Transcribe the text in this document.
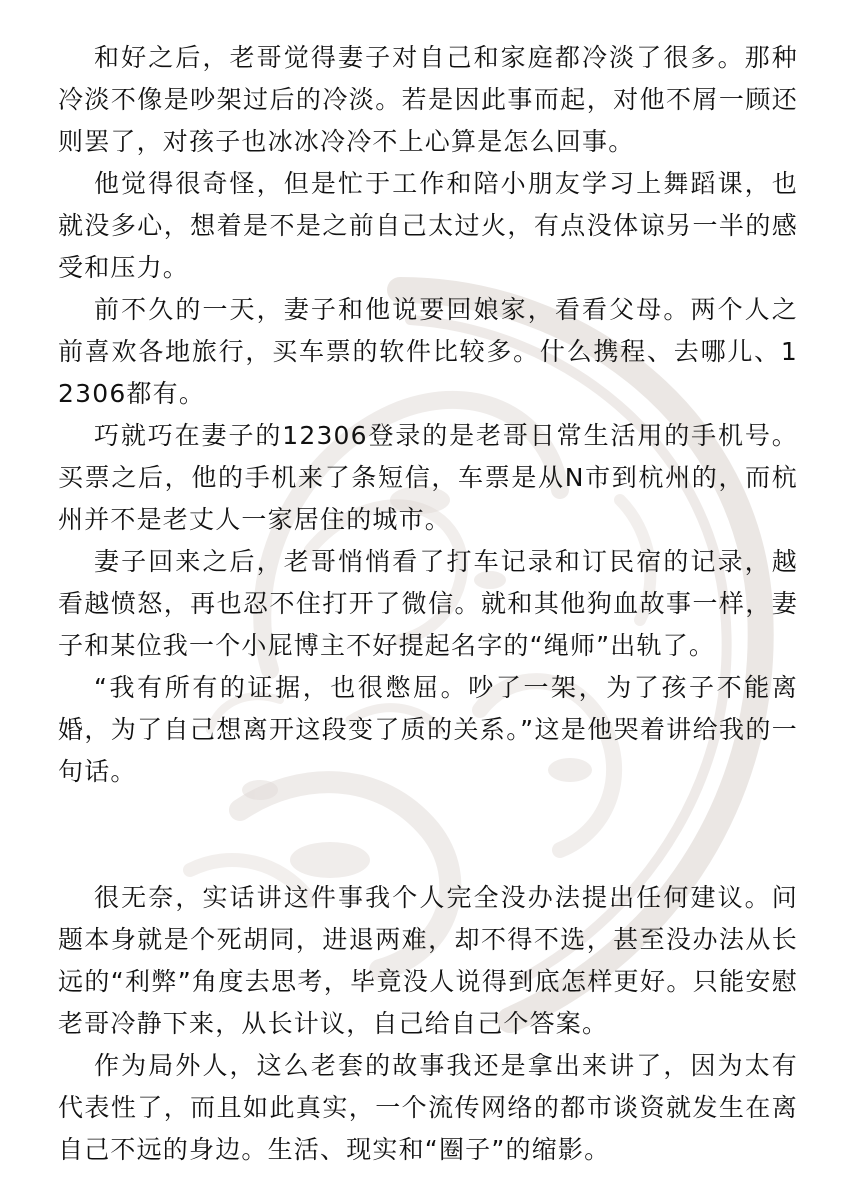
和好之后，老哥觉得妻子对自己和家庭都冷淡了很多。那种冷淡不像是吵架过后的冷淡。若是因此事而起，对他不屑一顾还则罢了，对孩子也冰冰冷冷不上心算是怎么回事。

他觉得很奇怪，但是忙于工作和陪小朋友学习上舞蹈课，也就没多心，想着是不是之前自己太过火，有点没体谅另一半的感受和压力。

前不久的一天，妻子和他说要回娘家，看看父母。两个人之前喜欢各地旅行，买车票的软件比较多。什么携程、去哪儿、12306都有。

巧就巧在妻子的12306登录的是老哥日常生活用的手机号。买票之后，他的手机来了条短信，车票是从N市到杭州的，而杭州并不是老丈人一家居住的城市。

妻子回来之后，老哥悄悄看了打车记录和订民宿的记录，越看越愤怒，再也忍不住打开了微信。就和其他狗血故事一样，妻子和某位我一个小屁博主不好提起名字的“绳师”出轨了。

“我有所有的证据，也很憋屈。吵了一架，为了孩子不能离婚，为了自己想离开这段变了质的关系。”这是他哭着讲给我的一句话。

很无奈，实话讲这件事我个人完全没办法提出任何建议。问题本身就是个死胡同，进退两难，却不得不选，甚至没办法从长远的“利弊”角度去思考，毕竟没人说得到底怎样更好。只能安慰老哥冷静下来，从长计议，自己给自己个答案。

作为局外人，这么老套的故事我还是拿出来讲了，因为太有代表性了，而且如此真实，一个流传网络的都市谈资就发生在离自己不远的身边。生活、现实和“圈子”的缩影。
